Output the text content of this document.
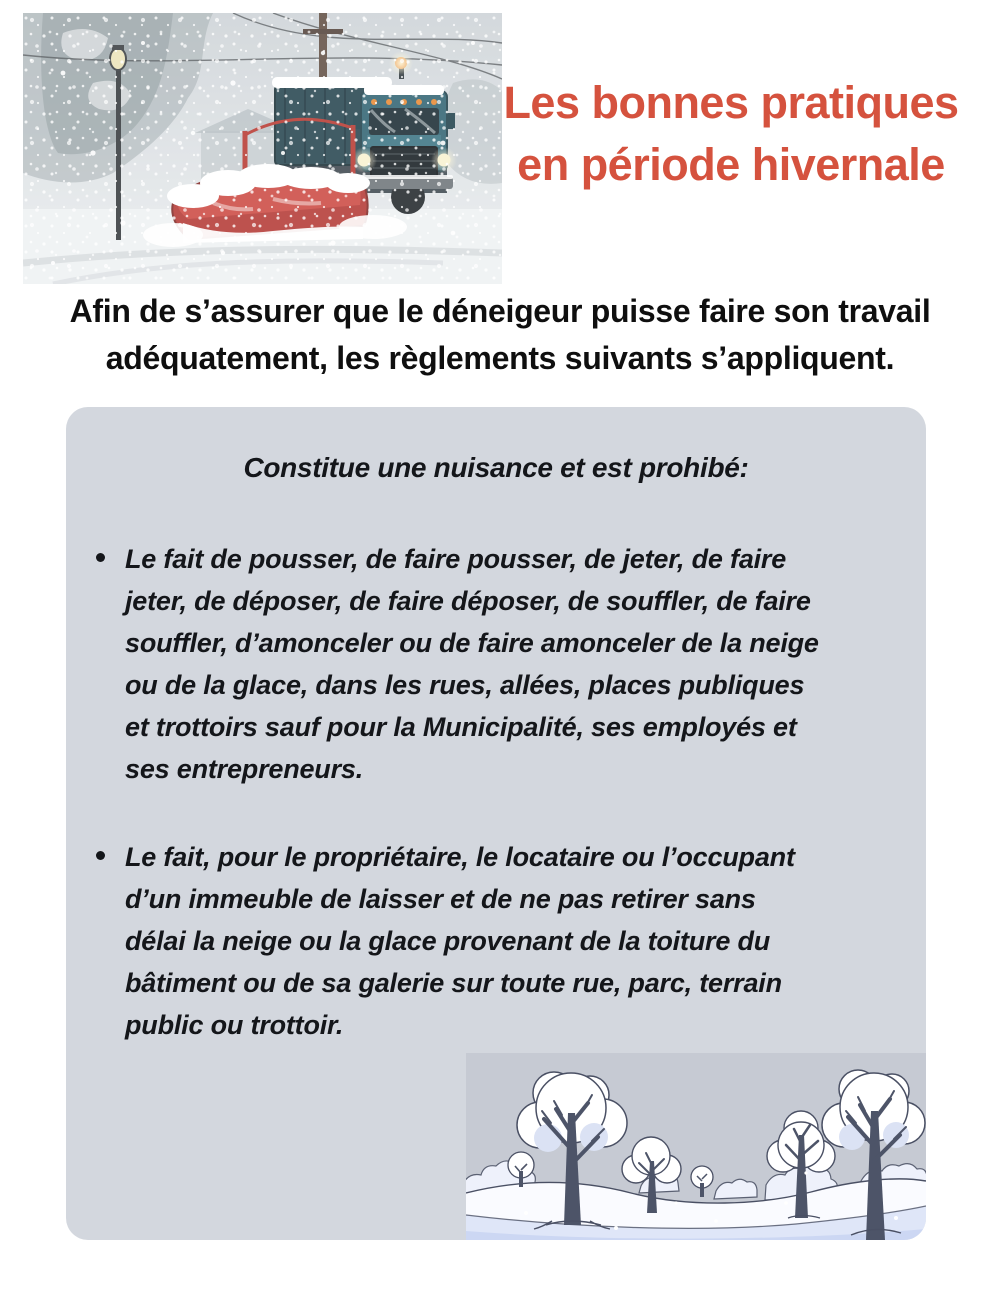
Les bonnes pratiques
en période hivernale
Afin de s’assurer que le déneigeur puisse faire son travail
adéquatement, les règlements suivants s’appliquent.

Constitue une nuisance et est prohibé:

Le fait de pousser, de faire pousser, de jeter, de faire
jeter, de déposer, de faire déposer, de souffler, de faire
souffler, d’amonceler ou de faire amonceler de la neige
ou de la glace, dans les rues, allées, places publiques
et trottoirs sauf pour la Municipalité, ses employés et
ses entrepreneurs.
Le fait, pour le propriétaire, le locataire ou l’occupant
d’un immeuble de laisser et de ne pas retirer sans
délai la neige ou la glace provenant de la toiture du
bâtiment ou de sa galerie sur toute rue, parc, terrain
public ou trottoir.
